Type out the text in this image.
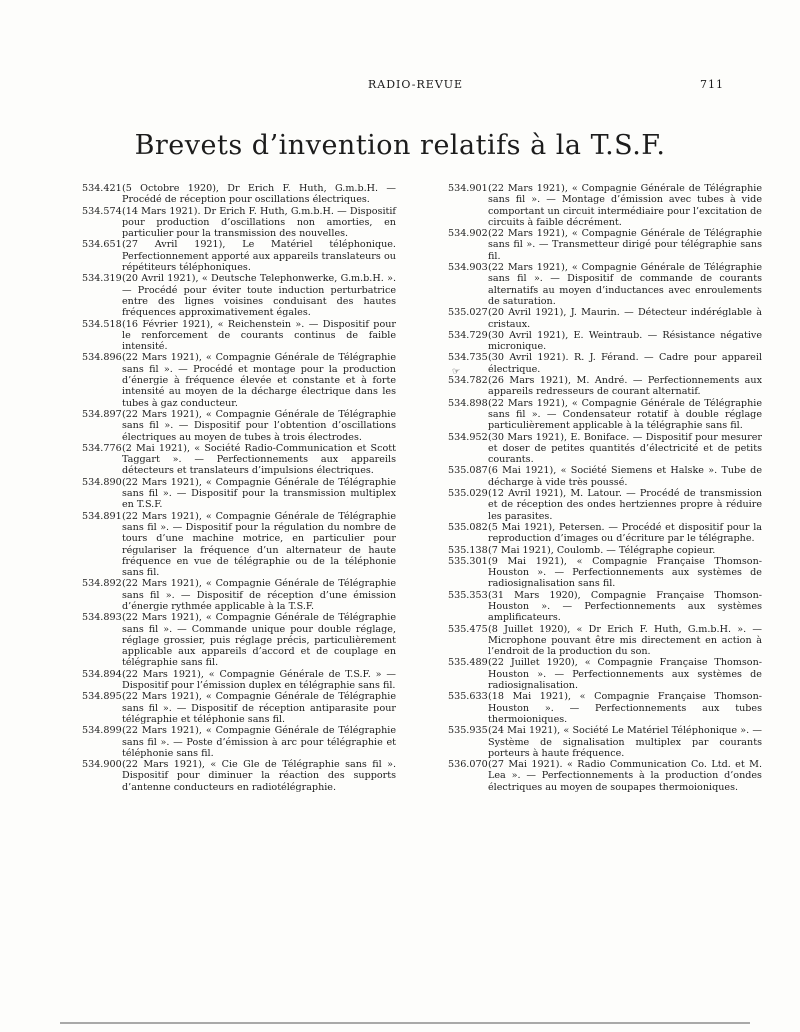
RADIO-REVUE	711
Brevets d’invention relatifs à la T.S.F.
534.421 (5 Octobre 1920), Dr Erich F. Huth, G.m.b.H. — Procédé de réception pour oscillations électriques.
534.574 (14 Mars 1921). Dr Erich F. Huth, G.m.b.H. — Dispositif pour production d’oscillations non amorties, en particulier pour la transmission des nouvelles.
534.651 (27 Avril 1921), Le Matériel téléphonique. Perfectionnement apporté aux appareils translateurs ou répétiteurs téléphoniques.
534.319 (20 Avril 1921), « Deutsche Telephonwerke, G.m.b.H. ». — Procédé pour éviter toute induction perturbatrice entre des lignes voisines conduisant des hautes fréquences approximativement égales.
534.518 (16 Février 1921), « Reichenstein ». — Dispositif pour le renforcement de courants continus de faible intensité.
534.896 (22 Mars 1921), « Compagnie Générale de Télégraphie sans fil ». — Procédé et montage pour la production d’énergie à fréquence élevée et constante et à forte intensité au moyen de la décharge électrique dans les tubes à gaz conducteur.
534.897 (22 Mars 1921), « Compagnie Générale de Télégraphie sans fil ». — Dispositif pour l’obtention d’oscillations électriques au moyen de tubes à trois électrodes.
534.776 (2 Mai 1921), « Société Radio-Communication et Scott Taggart ». — Perfectionnements aux appareils détecteurs et translateurs d’impulsions électriques.
534.890 (22 Mars 1921), « Compagnie Générale de Télégraphie sans fil ». — Dispositif pour la transmission multiplex en T.S.F.
534.891 (22 Mars 1921), « Compagnie Générale de Télégraphie sans fil ». — Dispositif pour la régulation du nombre de tours d’une machine motrice, en particulier pour régulariser la fréquence d’un alternateur de haute fréquence en vue de télégraphie ou de la téléphonie sans fil.
534.892 (22 Mars 1921), « Compagnie Générale de Télégraphie sans fil ». — Dispositif de réception d’une émission d’énergie rythmée applicable à la T.S.F.
534.893 (22 Mars 1921), « Compagnie Générale de Télégraphie sans fil ». — Commande unique pour double réglage, réglage grossier, puis réglage précis, particulièrement applicable aux appareils d’accord et de couplage en télégraphie sans fil.
534.894 (22 Mars 1921), « Compagnie Générale de T.S.F. » — Dispositif pour l’émission duplex en télégraphie sans fil.
534.895 (22 Mars 1921), « Compagnie Générale de Télégraphie sans fil ». — Dispositif de réception antiparasite pour télégraphie et téléphonie sans fil.
534.899 (22 Mars 1921), « Compagnie Générale de Télégraphie sans fil ». — Poste d’émission à arc pour télégraphie et téléphonie sans fil.
534.900 (22 Mars 1921), « Cie Gle de Télégraphie sans fil ». Dispositif pour diminuer la réaction des supports d’antenne conducteurs en radiotélégraphie.
534.901 (22 Mars 1921), « Compagnie Générale de Télégraphie sans fil ». — Montage d’émission avec tubes à vide comportant un circuit intermédiaire pour l’excitation de circuits à faible décrément.
534.902 (22 Mars 1921), « Compagnie Générale de Télégraphie sans fil ». — Transmetteur dirigé pour télégraphie sans fil.
534.903 (22 Mars 1921), « Compagnie Générale de Télégraphie sans fil ». — Dispositif de commande de courants alternatifs au moyen d’inductances avec enroulements de saturation.
535.027 (20 Avril 1921), J. Maurin. — Détecteur indéréglable à cristaux.
534.729 (30 Avril 1921), E. Weintraub. — Résistance négative micronique.
534.735 (30 Avril 1921). R. J. Férand. — Cadre pour appareil électrique.
534.782 (26 Mars 1921), M. André. — Perfectionnements aux appareils redresseurs de courant alternatif.
534.898 (22 Mars 1921), « Compagnie Générale de Télégraphie sans fil ». — Condensateur rotatif à double réglage particulièrement applicable à la télégraphie sans fil.
534.952 (30 Mars 1921), E. Boniface. — Dispositif pour mesurer et doser de petites quantités d’électricité et de petits courants.
535.087 (6 Mai 1921), « Société Siemens et Halske ». Tube de décharge à vide très poussé.
535.029 (12 Avril 1921), M. Latour. — Procédé de transmission et de réception des ondes hertziennes propre à réduire les parasites.
535.082 (5 Mai 1921), Petersen. — Procédé et dispositif pour la reproduction d’images ou d’écriture par le télégraphe.
535.138 (7 Mai 1921), Coulomb. — Télégraphe copieur.
535.301 (9 Mai 1921), « Compagnie Française Thomson-Houston ». — Perfectionnements aux systèmes de radiosignalisation sans fil.
535.353 (31 Mars 1920), Compagnie Française Thomson-Houston ». — Perfectionnements aux systèmes amplificateurs.
535.475 (8 Juillet 1920), « Dr Erich F. Huth, G.m.b.H. ». — Microphone pouvant être mis directement en action à l’endroit de la production du son.
535.489 (22 Juillet 1920), « Compagnie Française Thomson-Houston ». — Perfectionnements aux systèmes de radiosignalisation.
535.633 (18 Mai 1921), « Compagnie Française Thomson-Houston ». — Perfectionnements aux tubes thermoioniques.
535.935 (24 Mai 1921), « Société Le Matériel Téléphonique ». — Système de signalisation multiplex par courants porteurs à haute fréquence.
536.070 (27 Mai 1921). « Radio Communication Co. Ltd. et M. Lea ». — Perfectionnements à la production d’ondes électriques au moyen de soupapes thermoioniques.
☞
